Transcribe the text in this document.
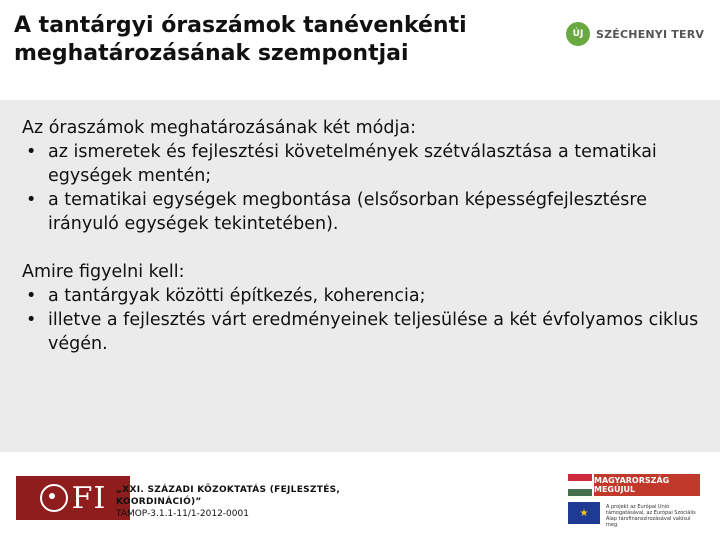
A tantárgyi óraszámok tanévenkénti meghatározásának szempontjai
ÚJ	SZÉCHENYI TERV

Az óraszámok meghatározásának két módja:

• az ismeretek és fejlesztési követelmények szétválasztása a tematikai egységek mentén;
• a tematikai egységek megbontása (elsősorban képességfejlesztésre irányuló egységek tekintetében).

Amire figyelni kell:

• a tantárgyak közötti építkezés, koherencia;
• illetve a fejlesztés várt eredményeinek teljesülése a két évfolyamos ciklus végén.
FI „XXI. SZÁZADI KÖZOKTATÁS (FEJLESZTÉS, KOORDINÁCIÓ)”
TÁMOP-3.1.1-11/1-2012-0001
MAGYARORSZÁG MEGÚJUL
★
A projekt az Európai Unió támogatásával, az Európai Szociális Alap társfinanszírozásával valósul meg.
